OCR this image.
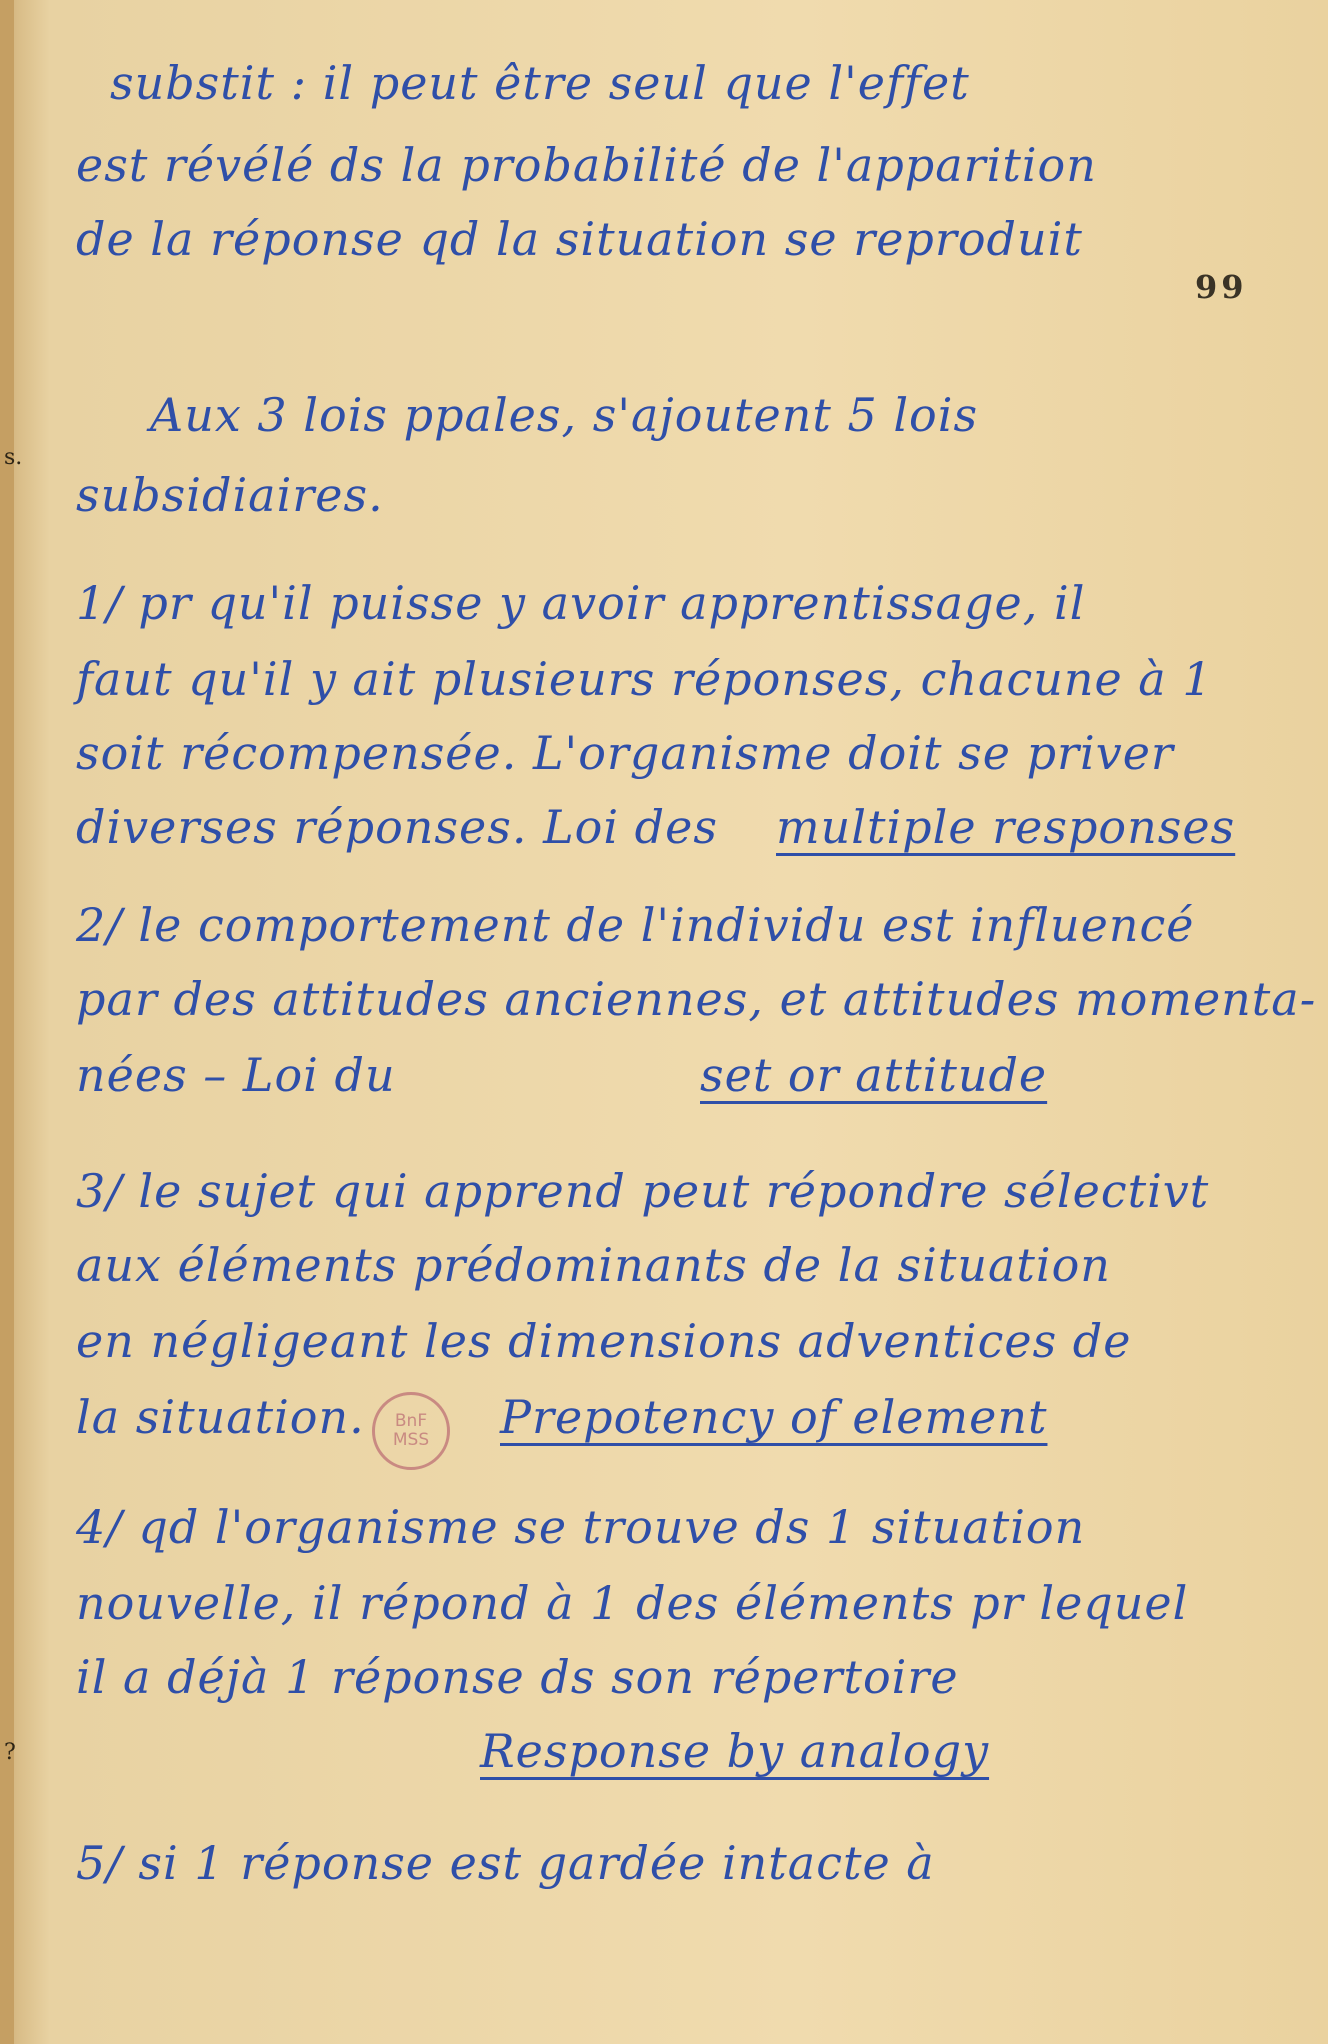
s.
?
substit : il peut être seul que l'effet
est révélé ds la probabilité de l'apparition
de la réponse qd la situation se reproduit
99
Aux 3 lois ppales, s'ajoutent 5 lois
subsidiaires.
1/ pr qu'il puisse y avoir apprentissage, il
faut qu'il y ait plusieurs réponses, chacune à 1
soit récompensée. L'organisme doit se priver
diverses réponses. Loi des multiple responses
2/ le comportement de l'individu est influencé
par des attitudes anciennes, et attitudes momenta-
nées – Loi du	set or attitude
3/ le sujet qui apprend peut répondre sélectivt
aux éléments prédominants de la situation
en négligeant les dimensions adventices de
la situation.	Prepotency of element
BnF
MSS
4/ qd l'organisme se trouve ds 1 situation
nouvelle, il répond à 1 des éléments pr lequel
il a déjà 1 réponse ds son répertoire
Response by analogy
5/ si 1 réponse est gardée intacte à
